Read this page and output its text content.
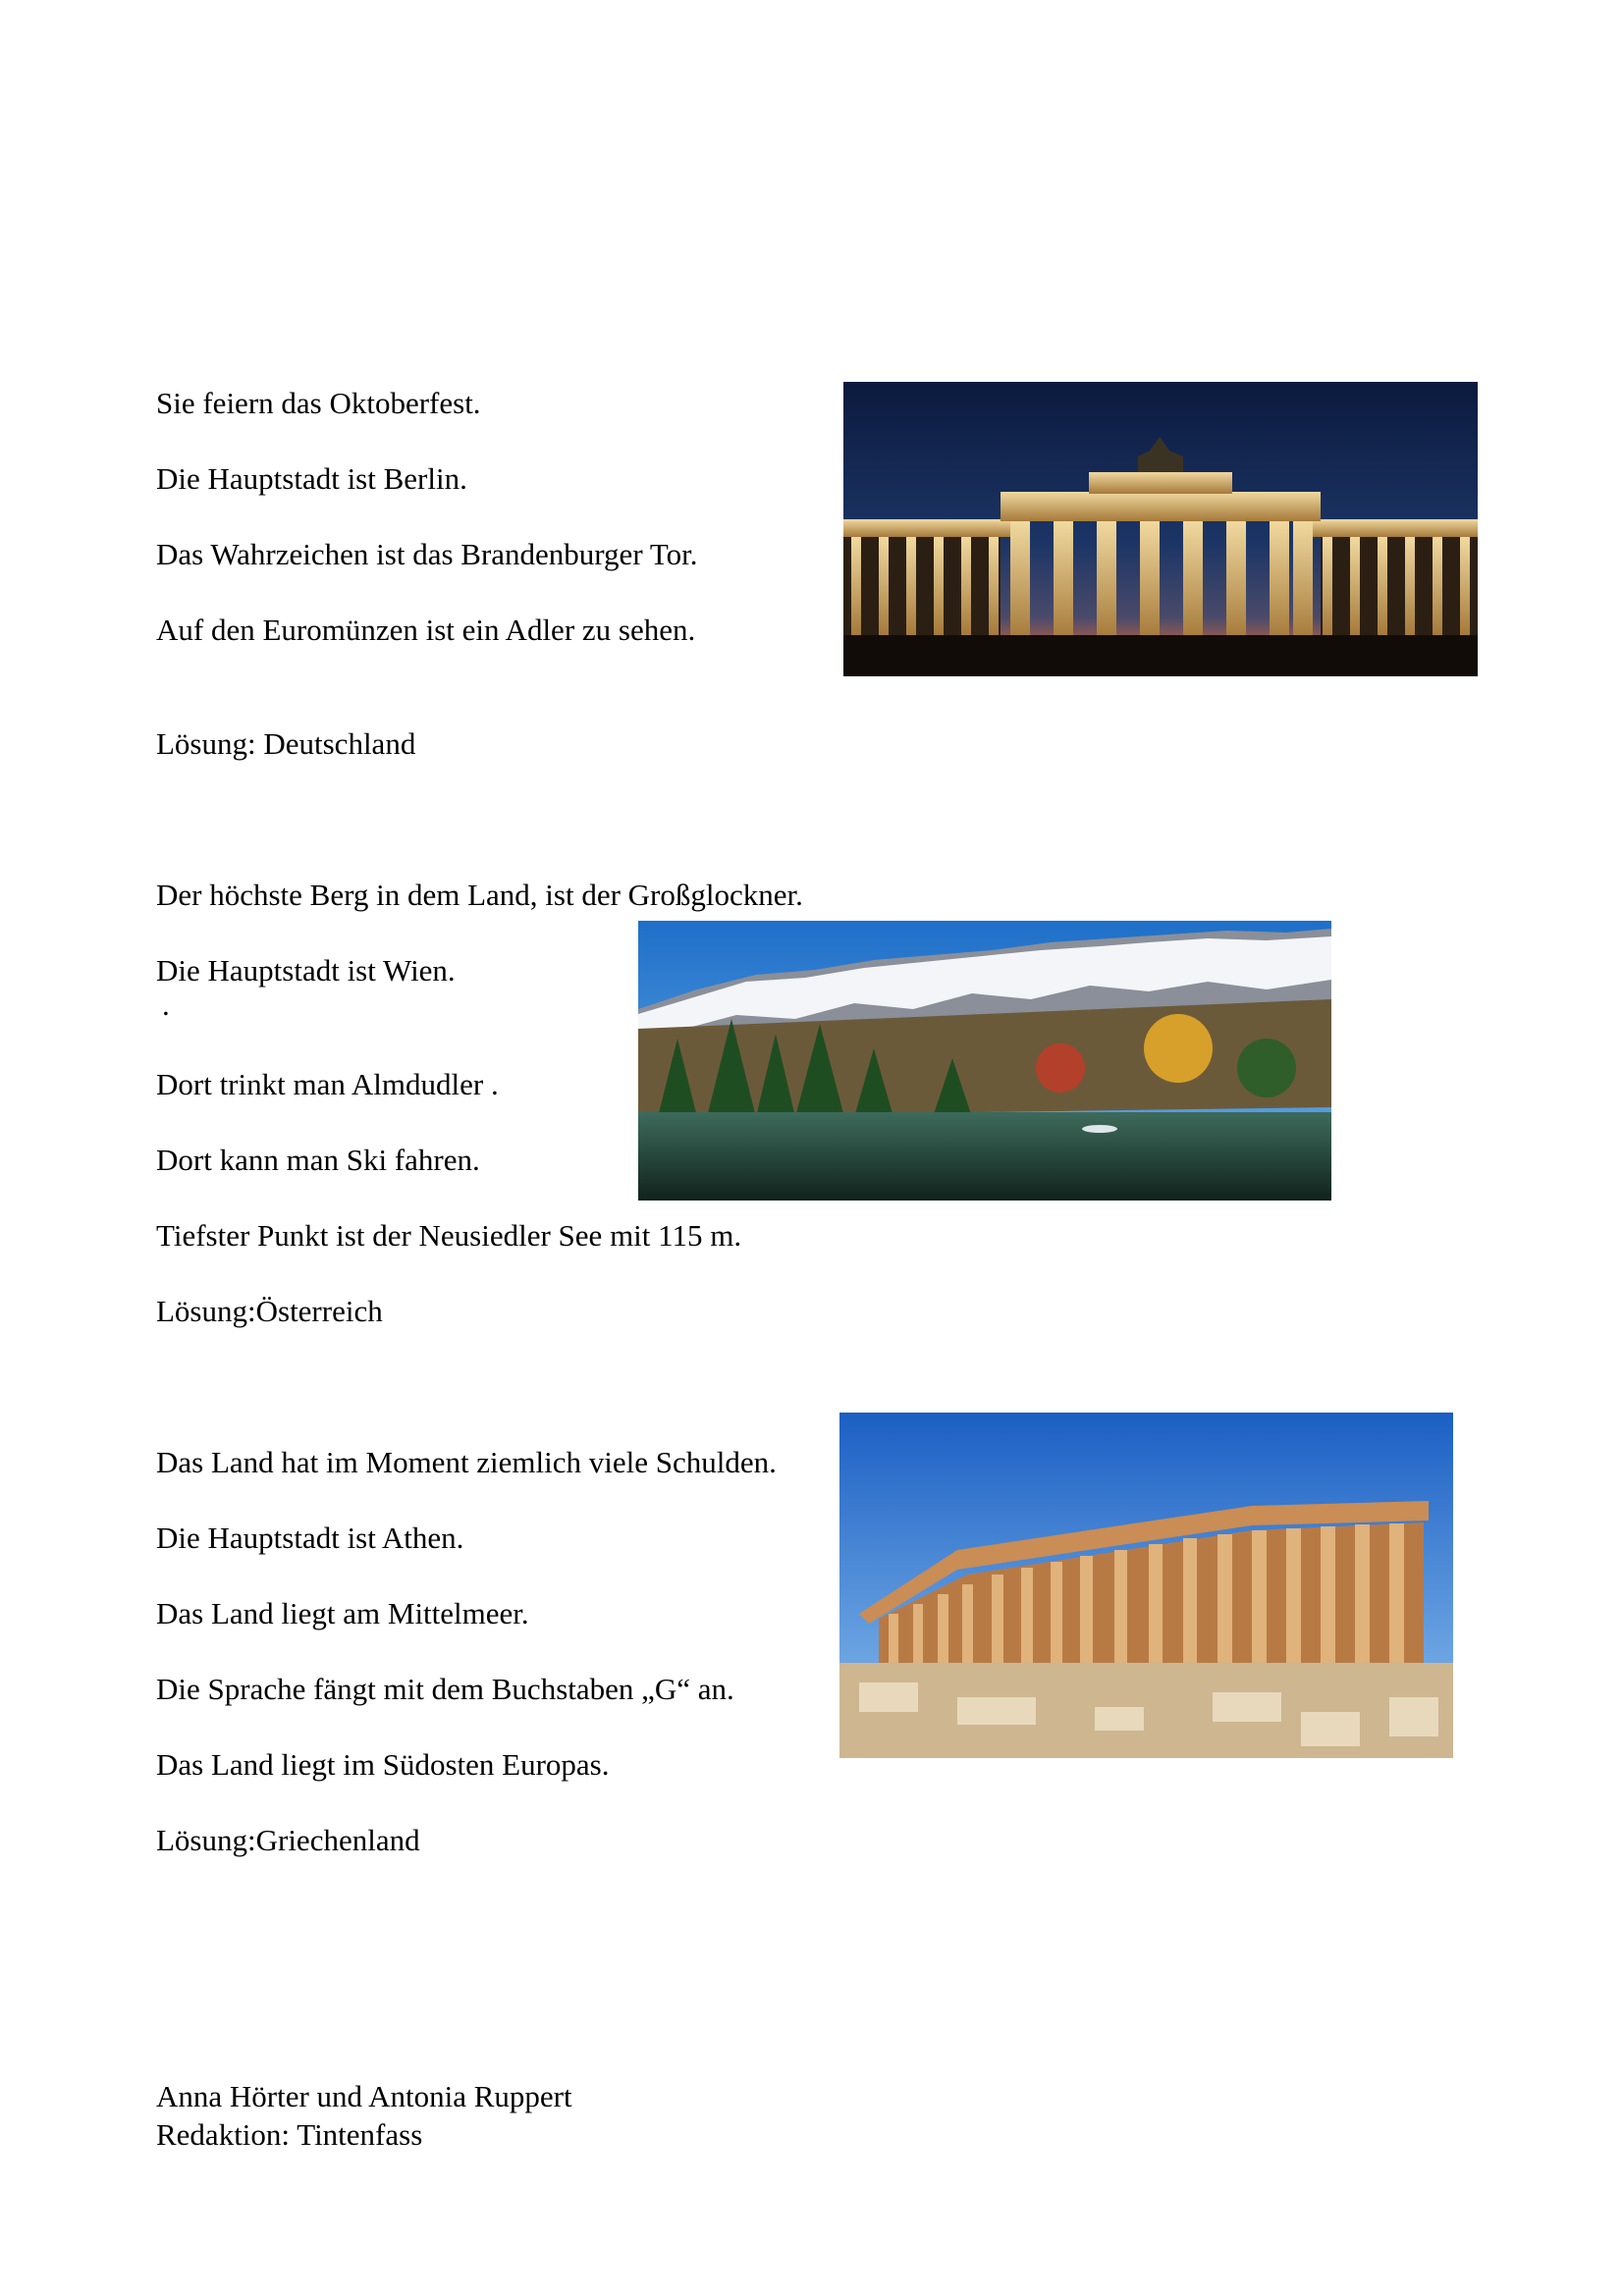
Sie feiern das Oktoberfest.
Die Hauptstadt ist Berlin.
Das Wahrzeichen ist das Brandenburger Tor.
Auf den Euromünzen ist ein Adler zu sehen.
Lösung: Deutschland
Der höchste Berg in dem Land, ist der Großglockner.
Die Hauptstadt ist Wien.
.
Dort trinkt man Almdudler .
Dort kann man Ski fahren.
Tiefster Punkt ist der Neusiedler See mit 115 m.
Lösung:Österreich
Das Land hat im Moment ziemlich viele Schulden.
Die Hauptstadt ist Athen.
Das Land liegt am Mittelmeer.
Die Sprache fängt mit dem Buchstaben „G“ an.
Das Land liegt im Südosten Europas.
Lösung:Griechenland
Anna Hörter und Antonia Ruppert
Redaktion: Tintenfass
